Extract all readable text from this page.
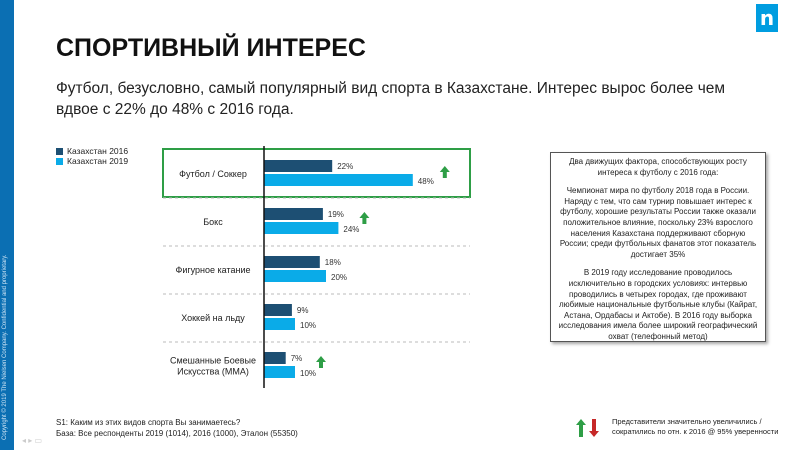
Copyright © 2019 The Nielsen Company. Confidential and proprietary.
◂ ▸ ▭
n
СПОРТИВНЫЙ ИНТЕРЕС

Футбол, безусловно, самый популярный вид спорта в Казахстане. Интерес вырос более чем вдвое с 22% до 48% с 2016 года.

Казахстан 2016
Казахстан 2019
22%
48%
Футбол / Соккер
19%
24%
Бокс
18%
20%
Фигурное катание
9%
10%
Хоккей на льду
7%
10%
Смешанные Боевые
Искусства (ММА)

Два движущих фактора, способствующих росту интереса к футболу с 2016 года:

Чемпионат мира по футболу 2018 года в России. Наряду с тем, что сам турнир повышает интерес к футболу, хорошие результаты России также оказали положительное влияние, поскольку 23% взрослого населения Казахстана поддерживают сборную России; среди футбольных фанатов этот показатель достигает 35%

В 2019 году исследование проводилось исключительно в городских условиях: интервью проводились в четырех городах, где проживают любимые национальные футбольные клубы (Кайрат, Астана, Ордабасы и Актобе). В 2016 году выборка исследования имела более широкий географический охват (телефонный метод)

S1: Каким из этих видов спорта Вы занимаетесь?
База: Все респонденты 2019 (1014), 2016 (1000), Эталон (55350)
Представители значительно увеличились / сократились по отн. к 2016 @ 95% уверенности
